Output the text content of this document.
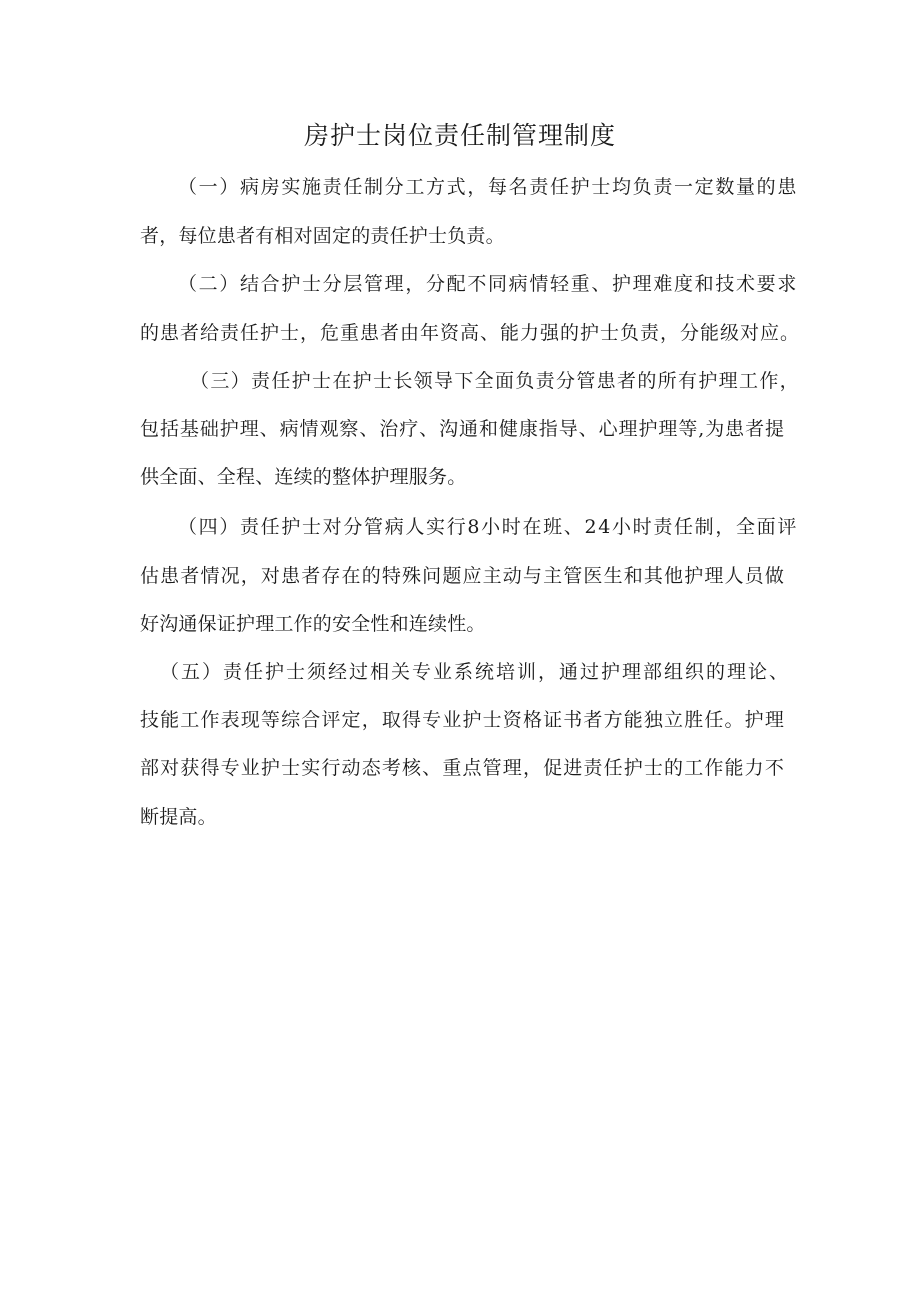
房护士岗位责任制管理制度
（一）病房实施责任制分工方式，每名责任护士均负责一定数量的患
者，每位患者有相对固定的责任护士负责。
（二）结合护士分层管理，分配不同病情轻重、护理难度和技术要求
的患者给责任护士，危重患者由年资高、能力强的护士负责，分能级对应。
（三）责任护士在护士长领导下全面负责分管患者的所有护理工作，
包括基础护理、病情观察、治疗、沟通和健康指导、心理护理等,为患者提
供全面、全程、连续的整体护理服务。
（四）责任护士对分管病人实行8小时在班、24小时责任制，全面评
估患者情况，对患者存在的特殊问题应主动与主管医生和其他护理人员做
好沟通保证护理工作的安全性和连续性。
（五）责任护士须经过相关专业系统培训，通过护理部组织的理论、
技能工作表现等综合评定，取得专业护士资格证书者方能独立胜任。护理
部对获得专业护士实行动态考核、重点管理，促进责任护士的工作能力不
断提高。
